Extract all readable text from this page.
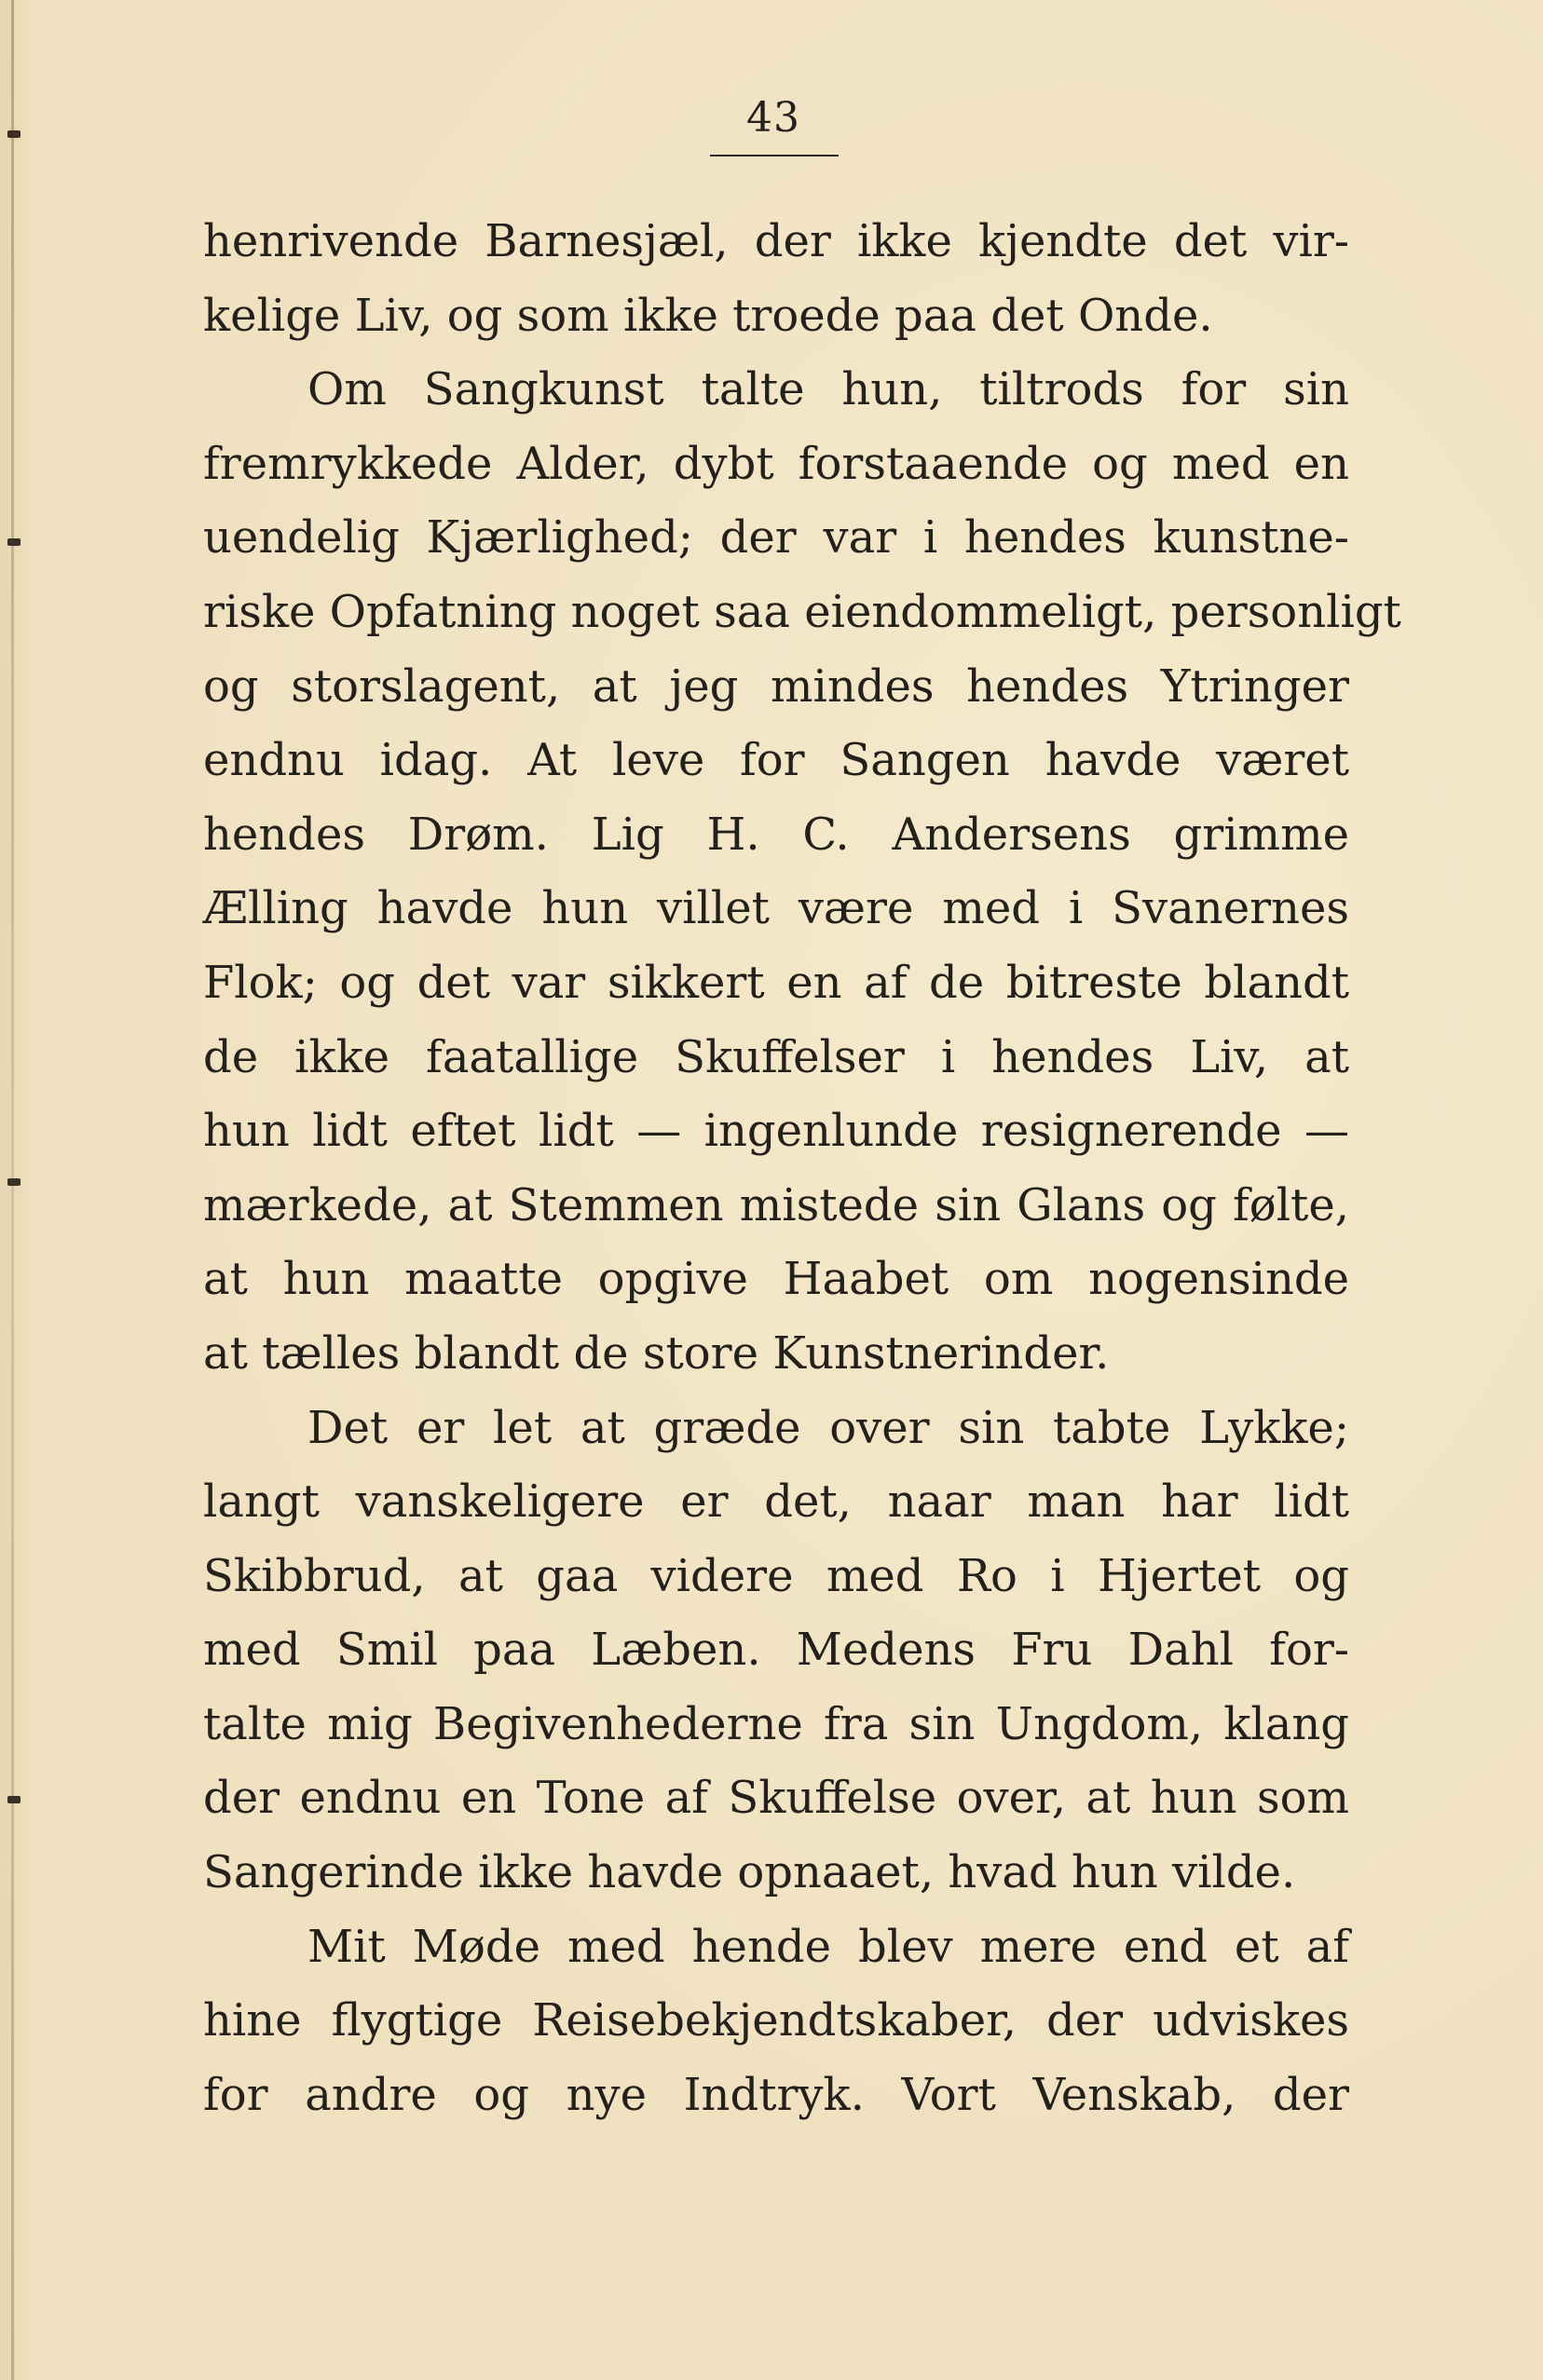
43
henrivende Barnesjæl, der ikke kjendte det vir-
kelige Liv, og som ikke troede paa det Onde.
Om Sangkunst talte hun, tiltrods for sin
fremrykkede Alder, dybt forstaaende og med en
uendelig Kjærlighed; der var i hendes kunstne-
riske Opfatning noget saa eiendommeligt, personligt
og storslagent, at jeg mindes hendes Ytringer
endnu idag. At leve for Sangen havde været
hendes Drøm. Lig H. C. Andersens grimme
Ælling havde hun villet være med i Svanernes
Flok; og det var sikkert en af de bitreste blandt
de ikke faatallige Skuffelser i hendes Liv, at
hun lidt eftet lidt — ingenlunde resignerende —
mærkede, at Stemmen mistede sin Glans og følte,
at hun maatte opgive Haabet om nogensinde
at tælles blandt de store Kunstnerinder.
Det er let at græde over sin tabte Lykke;
langt vanskeligere er det, naar man har lidt
Skibbrud, at gaa videre med Ro i Hjertet og
med Smil paa Læben. Medens Fru Dahl for-
talte mig Begivenhederne fra sin Ungdom, klang
der endnu en Tone af Skuffelse over, at hun som
Sangerinde ikke havde opnaaet, hvad hun vilde.
Mit Møde med hende blev mere end et af
hine flygtige Reisebekjendtskaber, der udviskes
for andre og nye Indtryk. Vort Venskab, der
